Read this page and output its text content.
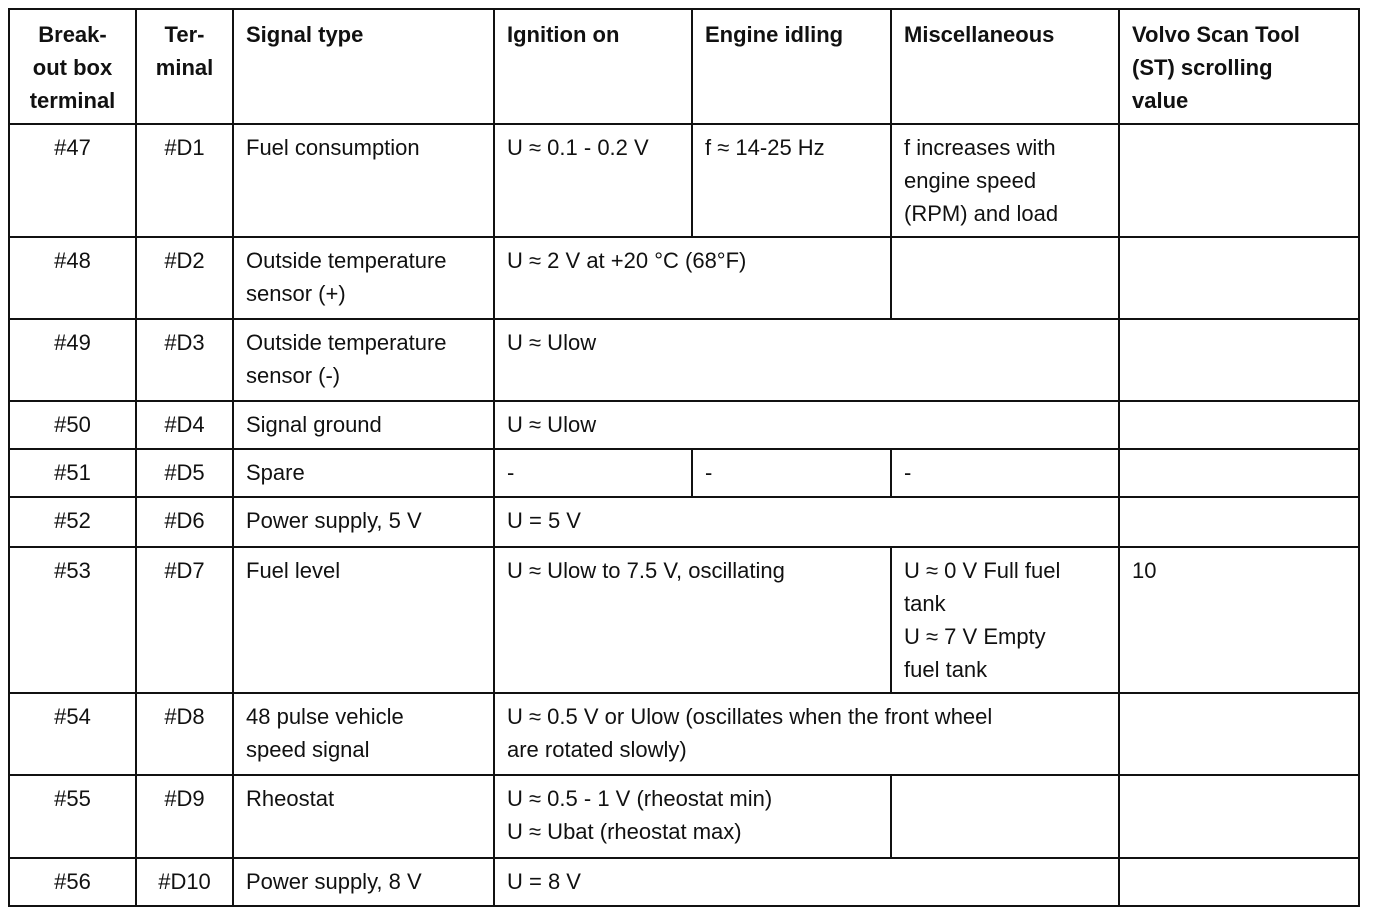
Break-
out box
terminal	Ter-
minal	Signal type	Ignition on	Engine idling	Miscellaneous	Volvo Scan Tool
(ST) scrolling
value

#47	#D1	Fuel consumption	U ≈ 0.1 - 0.2 V	f ≈ 14-25 Hz	f increases with
engine speed
(RPM) and load	

#48	#D2	Outside temperature
sensor (+)	U ≈ 2 V at +20 °C (68°F)			

#49	#D3	Outside temperature
sensor (-)	U ≈ Ulow			

#50	#D4	Signal ground	U ≈ Ulow			

#51	#D5	Spare	-	-	-	

#52	#D6	Power supply, 5 V	U = 5 V			

#53	#D7	Fuel level	U ≈ Ulow to 7.5 V, oscillating		U ≈ 0 V Full fuel
tank
U ≈ 7 V Empty
fuel tank	10
#54	#D8	48 pulse vehicle
speed signal	U ≈ 0.5 V or Ulow (oscillates when the front wheel
are rotated slowly)			

#55	#D9	Rheostat	U ≈ 0.5 - 1 V (rheostat min)
U ≈ Ubat (rheostat max)			

#56	#D10	Power supply, 8 V	U = 8 V			
